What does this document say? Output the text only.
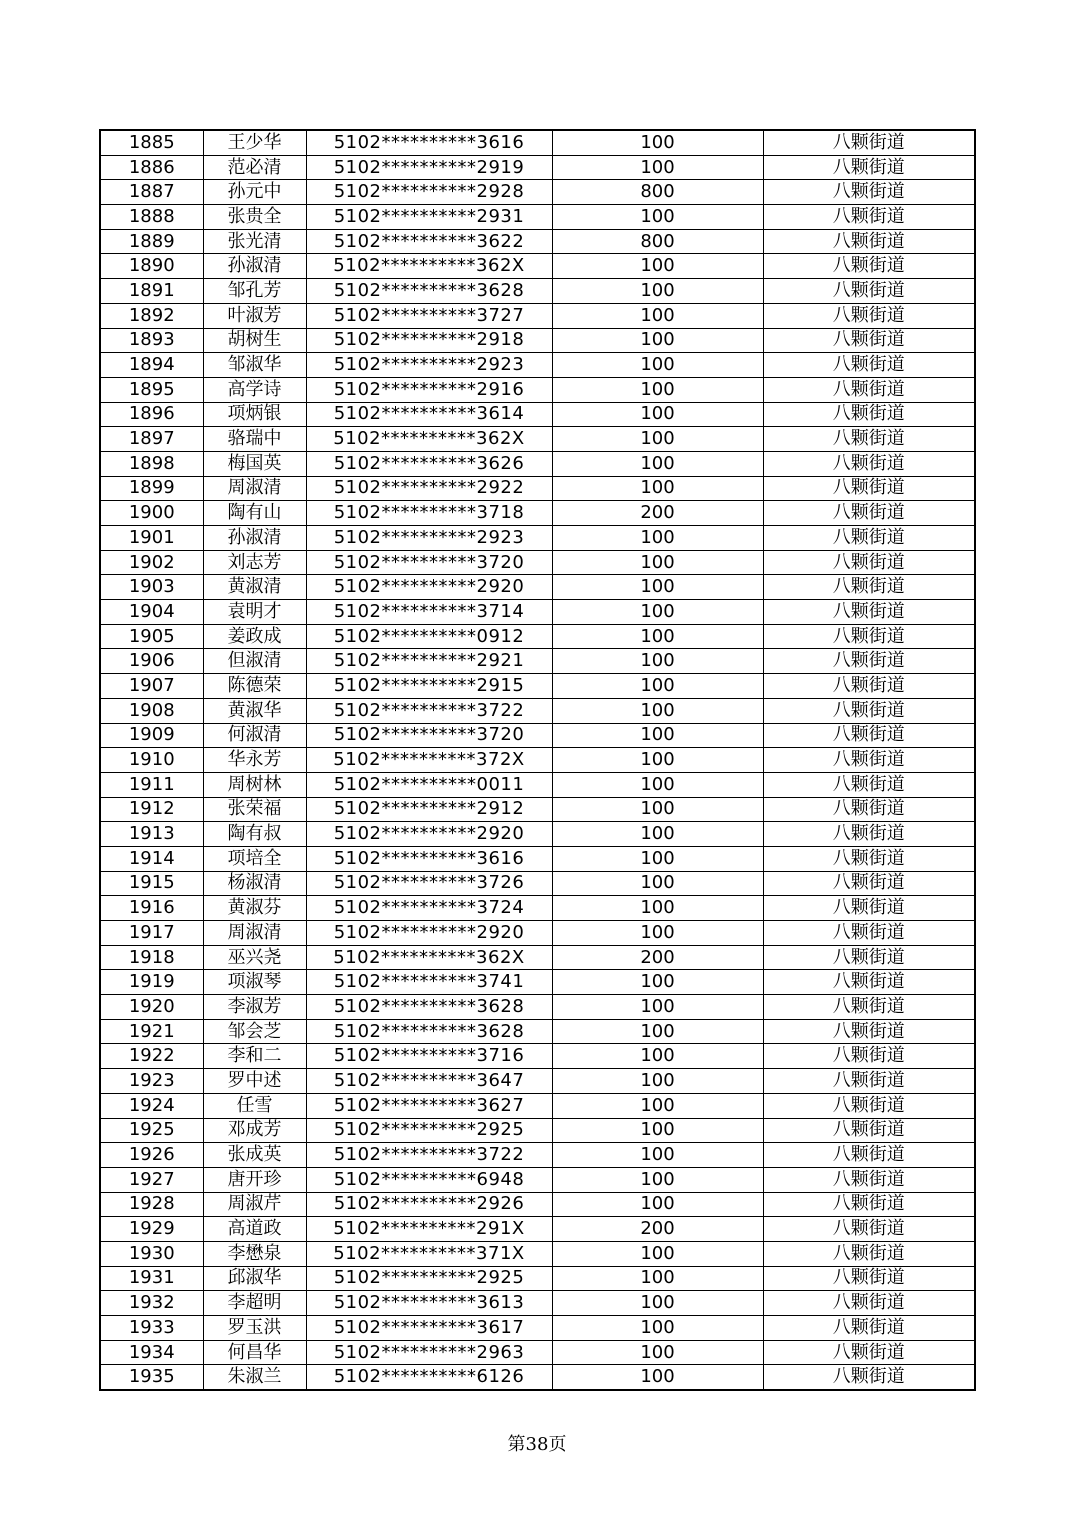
1885	王少华	5102**********3616	100	八颗街道
1886	范必清	5102**********2919	100	八颗街道
1887	孙元中	5102**********2928	800	八颗街道
1888	张贵全	5102**********2931	100	八颗街道
1889	张光清	5102**********3622	800	八颗街道
1890	孙淑清	5102**********362X	100	八颗街道
1891	邹孔芳	5102**********3628	100	八颗街道
1892	叶淑芳	5102**********3727	100	八颗街道
1893	胡树生	5102**********2918	100	八颗街道
1894	邹淑华	5102**********2923	100	八颗街道
1895	高学诗	5102**********2916	100	八颗街道
1896	项炳银	5102**********3614	100	八颗街道
1897	骆瑞中	5102**********362X	100	八颗街道
1898	梅国英	5102**********3626	100	八颗街道
1899	周淑清	5102**********2922	100	八颗街道
1900	陶有山	5102**********3718	200	八颗街道
1901	孙淑清	5102**********2923	100	八颗街道
1902	刘志芳	5102**********3720	100	八颗街道
1903	黄淑清	5102**********2920	100	八颗街道
1904	袁明才	5102**********3714	100	八颗街道
1905	姜政成	5102**********0912	100	八颗街道
1906	但淑清	5102**********2921	100	八颗街道
1907	陈德荣	5102**********2915	100	八颗街道
1908	黄淑华	5102**********3722	100	八颗街道
1909	何淑清	5102**********3720	100	八颗街道
1910	华永芳	5102**********372X	100	八颗街道
1911	周树林	5102**********0011	100	八颗街道
1912	张荣福	5102**********2912	100	八颗街道
1913	陶有叔	5102**********2920	100	八颗街道
1914	项培全	5102**********3616	100	八颗街道
1915	杨淑清	5102**********3726	100	八颗街道
1916	黄淑芬	5102**********3724	100	八颗街道
1917	周淑清	5102**********2920	100	八颗街道
1918	巫兴尧	5102**********362X	200	八颗街道
1919	项淑琴	5102**********3741	100	八颗街道
1920	李淑芳	5102**********3628	100	八颗街道
1921	邹会芝	5102**********3628	100	八颗街道
1922	李和二	5102**********3716	100	八颗街道
1923	罗中述	5102**********3647	100	八颗街道
1924	任雪	5102**********3627	100	八颗街道
1925	邓成芳	5102**********2925	100	八颗街道
1926	张成英	5102**********3722	100	八颗街道
1927	唐开珍	5102**********6948	100	八颗街道
1928	周淑芹	5102**********2926	100	八颗街道
1929	高道政	5102**********291X	200	八颗街道
1930	李懋泉	5102**********371X	100	八颗街道
1931	邱淑华	5102**********2925	100	八颗街道
1932	李超明	5102**********3613	100	八颗街道
1933	罗玉洪	5102**********3617	100	八颗街道
1934	何昌华	5102**********2963	100	八颗街道
1935	朱淑兰	5102**********6126	100	八颗街道
第38页
